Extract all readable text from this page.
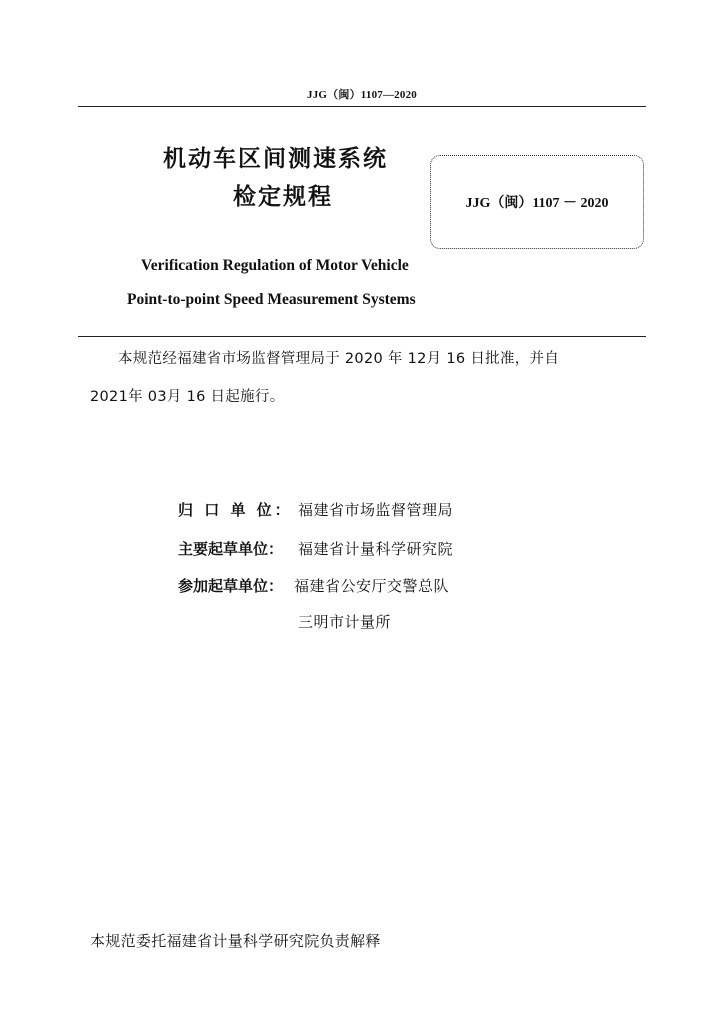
JJG（闽）1107—2020
机动车区间测速系统
检定规程	JJG（闽）1107 － 2020
Verification Regulation of Motor Vehicle
Point-to-point Speed Measurement Systems
本规范经福建省市场监督管理局于 2020 年 12月 16 日批准，并自
2021年 03月 16 日起施行。
归 口 单 位： 福建省市场监督管理局
主要起草单位： 福建省计量科学研究院
参加起草单位： 福建省公安厅交警总队
三明市计量所
本规范委托福建省计量科学研究院负责解释
